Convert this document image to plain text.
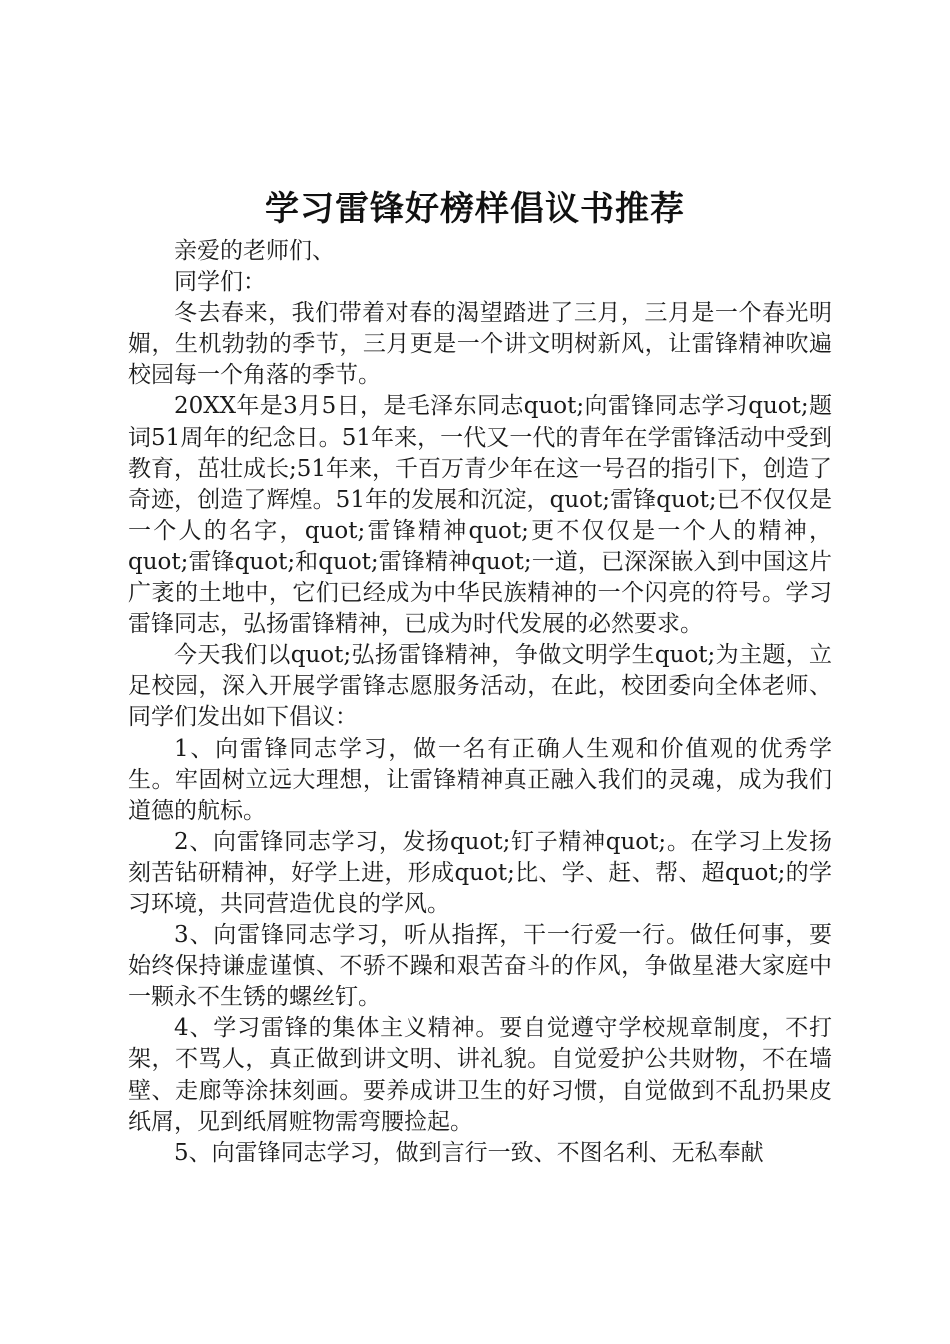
学习雷锋好榜样倡议书推荐

亲爱的老师们、

同学们：

冬去春来，我们带着对春的渴望踏进了三月，三月是一个春光明媚，生机勃勃的季节，三月更是一个讲文明树新风，让雷锋精神吹遍校园每一个角落的季节。

20XX年是3月5日，是毛泽东同志quot;向雷锋同志学习quot;题词51周年的纪念日。51年来，一代又一代的青年在学雷锋活动中受到教育，茁壮成长;51年来，千百万青少年在这一号召的指引下，创造了奇迹，创造了辉煌。51年的发展和沉淀，quot;雷锋quot;已不仅仅是一个人的名字，quot;雷锋精神quot;更不仅仅是一个人的精神，quot;雷锋quot;和quot;雷锋精神quot;一道，已深深嵌入到中国这片广袤的土地中，它们已经成为中华民族精神的一个闪亮的符号。学习雷锋同志，弘扬雷锋精神，已成为时代发展的必然要求。

今天我们以quot;弘扬雷锋精神，争做文明学生quot;为主题，立足校园，深入开展学雷锋志愿服务活动，在此，校团委向全体老师、同学们发出如下倡议：

1、向雷锋同志学习，做一名有正确人生观和价值观的优秀学生。牢固树立远大理想，让雷锋精神真正融入我们的灵魂，成为我们道德的航标。

2、向雷锋同志学习，发扬quot;钉子精神quot;。在学习上发扬刻苦钻研精神，好学上进，形成quot;比、学、赶、帮、超quot;的学习环境，共同营造优良的学风。

3、向雷锋同志学习，听从指挥，干一行爱一行。做任何事，要始终保持谦虚谨慎、不骄不躁和艰苦奋斗的作风，争做星港大家庭中一颗永不生锈的螺丝钉。

4、学习雷锋的集体主义精神。要自觉遵守学校规章制度，不打架，不骂人，真正做到讲文明、讲礼貌。自觉爱护公共财物，不在墙壁、走廊等涂抹刻画。要养成讲卫生的好习惯，自觉做到不乱扔果皮纸屑，见到纸屑赃物需弯腰捡起。

5、向雷锋同志学习，做到言行一致、不图名利、无私奉献
